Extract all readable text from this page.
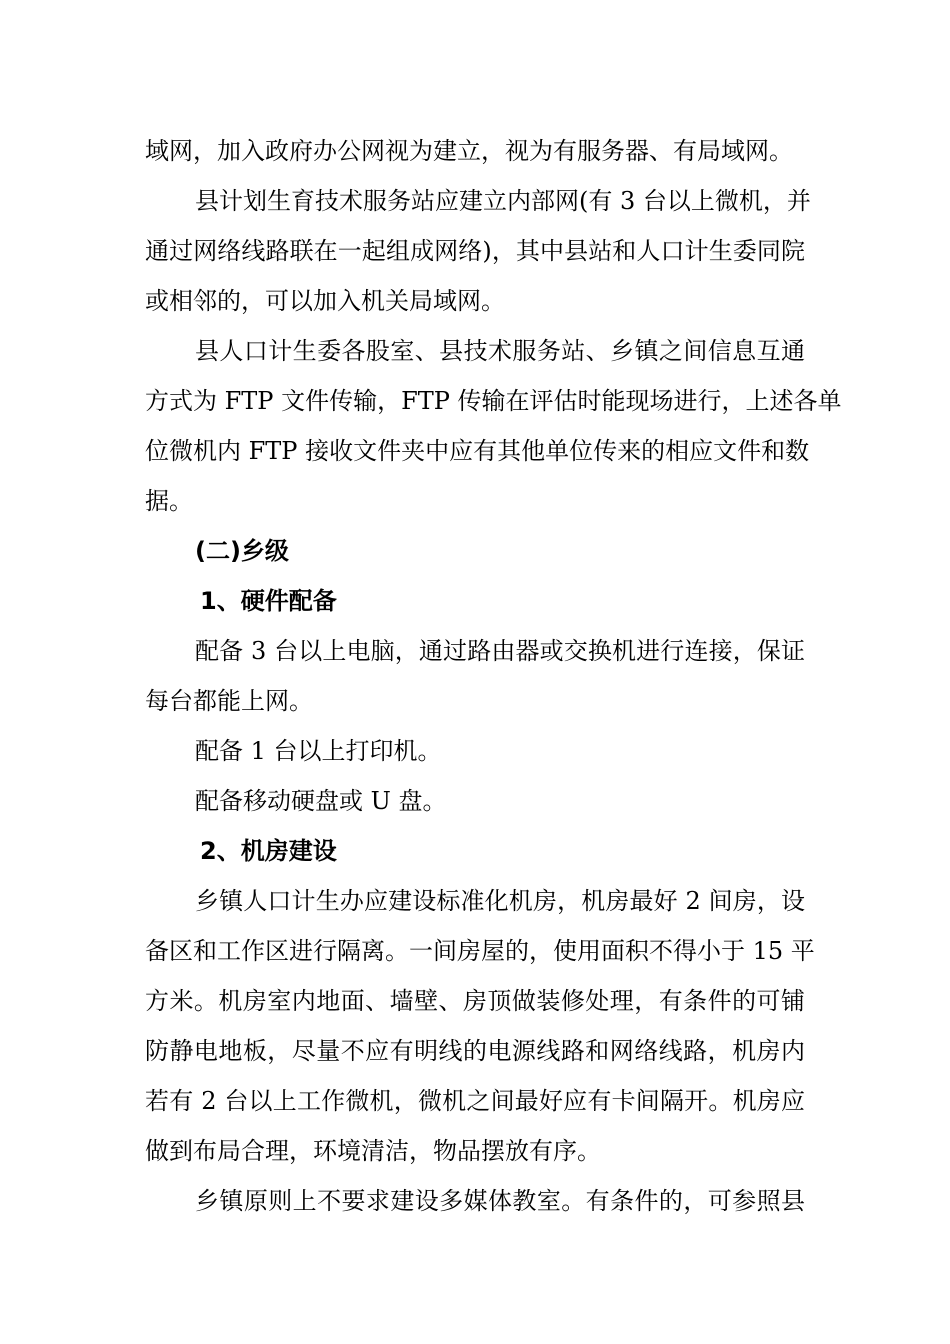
域网，加入政府办公网视为建立，视为有服务器、有局域网。

县计划生育技术服务站应建立内部网(有 3 台以上微机，并

通过网络线路联在一起组成网络)，其中县站和人口计生委同院

或相邻的，可以加入机关局域网。

县人口计生委各股室、县技术服务站、乡镇之间信息互通

方式为 FTP 文件传输，FTP 传输在评估时能现场进行，上述各单

位微机内 FTP 接收文件夹中应有其他单位传来的相应文件和数

据。

(二)乡级

1、硬件配备

配备 3 台以上电脑，通过路由器或交换机进行连接，保证

每台都能上网。

配备 1 台以上打印机。

配备移动硬盘或 U 盘。

2、机房建设

乡镇人口计生办应建设标准化机房，机房最好 2 间房，设

备区和工作区进行隔离。一间房屋的，使用面积不得小于 15 平

方米。机房室内地面、墙壁、房顶做装修处理，有条件的可铺

防静电地板，尽量不应有明线的电源线路和网络线路，机房内

若有 2 台以上工作微机，微机之间最好应有卡间隔开。机房应

做到布局合理，环境清洁，物品摆放有序。

乡镇原则上不要求建设多媒体教室。有条件的，可参照县
